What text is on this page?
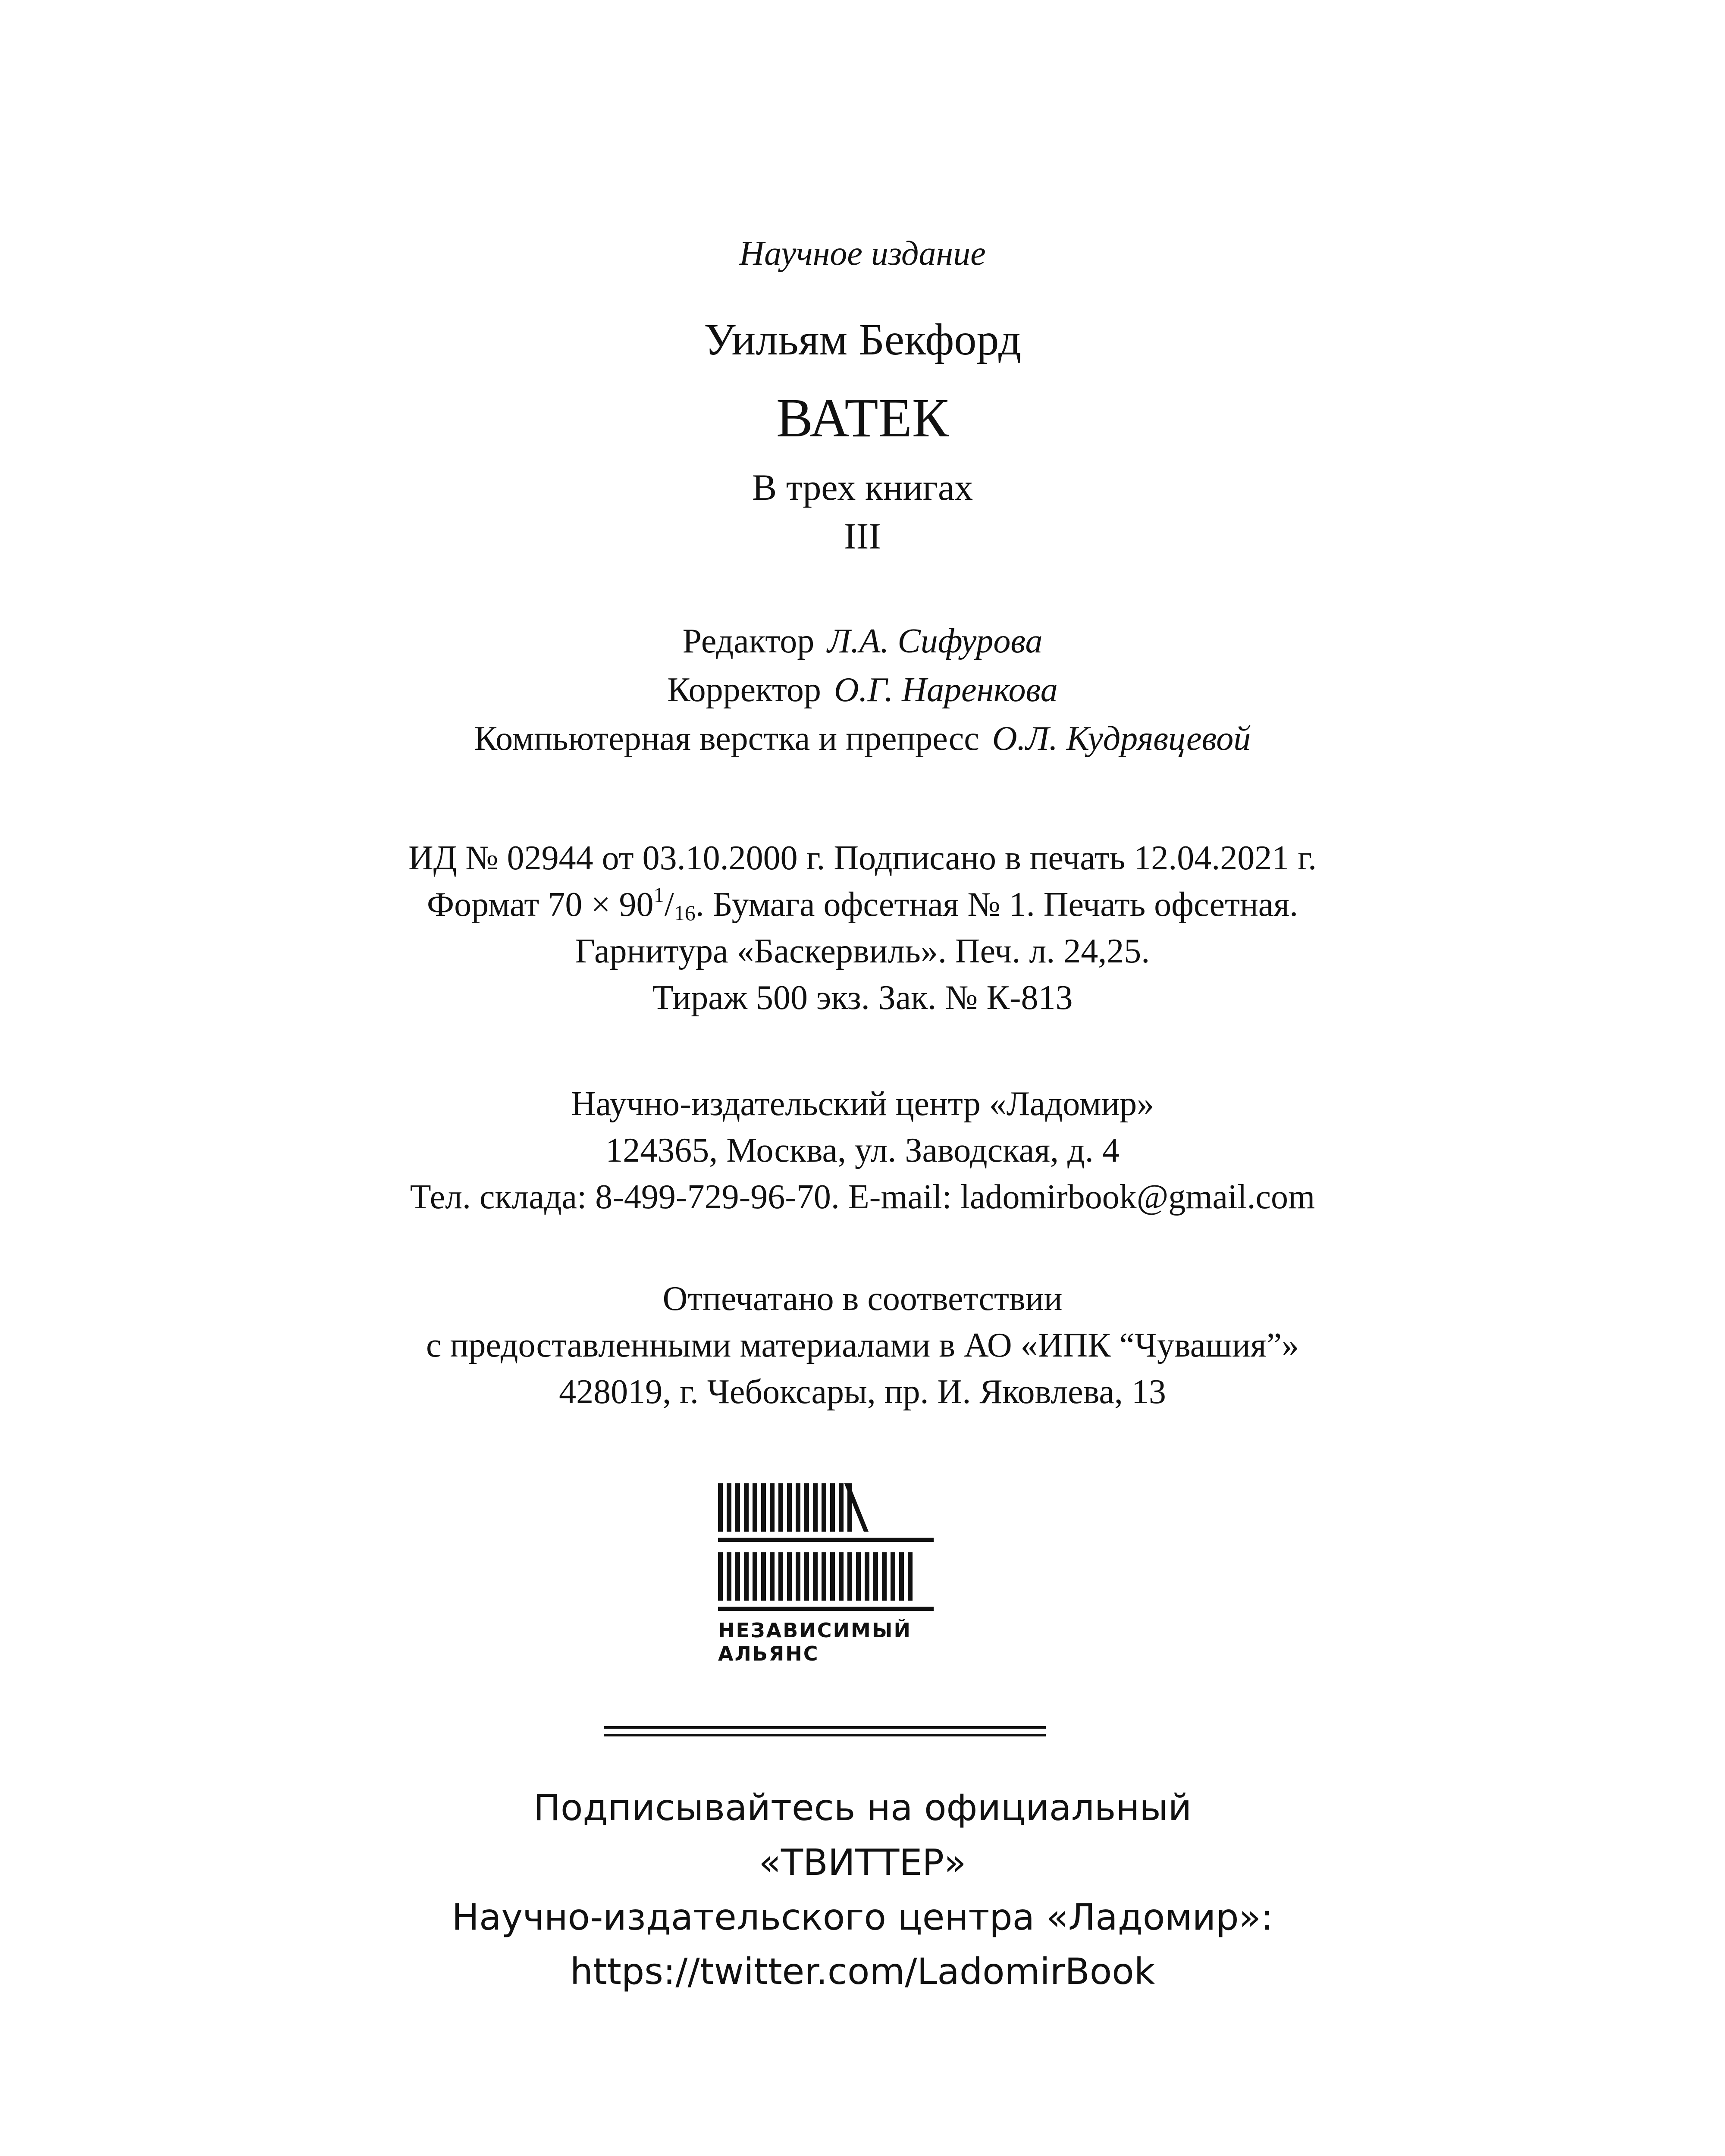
Научное издание
Уильям Бекфорд
ВАТЕК
В трех книгах
III
Редактор Л.А. Сифурова
Корректор О.Г. Наренкова
Компьютерная верстка и препресс О.Л. Кудрявцевой
ИД № 02944 от 03.10.2000 г. Подписано в печать 12.04.2021 г.
Формат $70 \times 90^1/_{16}$. Бумага офсетная № 1. Печать офсетная.
Гарнитура «Баскервиль». Печ. л. 24,25.
Тираж 500 экз. Зак. № К-813
Научно-издательский центр «Ладомир»
124365, Москва, ул. Заводская, д. 4
Тел. склада: 8-499-729-96-70. E-mail: ladomirbook@gmail.com
Отпечатано в соответствии
с предоставленными материалами в АО «ИПК “Чувашия”»
428019, г. Чебоксары, пр. И. Яковлева, 13
НЕЗАВИСИМЫЙ
АЛЬЯНС
Подписывайтесь на официальный
«ТВИТТЕР»
Научно-издательского центра «Ладомир»:
https://twitter.com/LadomirBook
